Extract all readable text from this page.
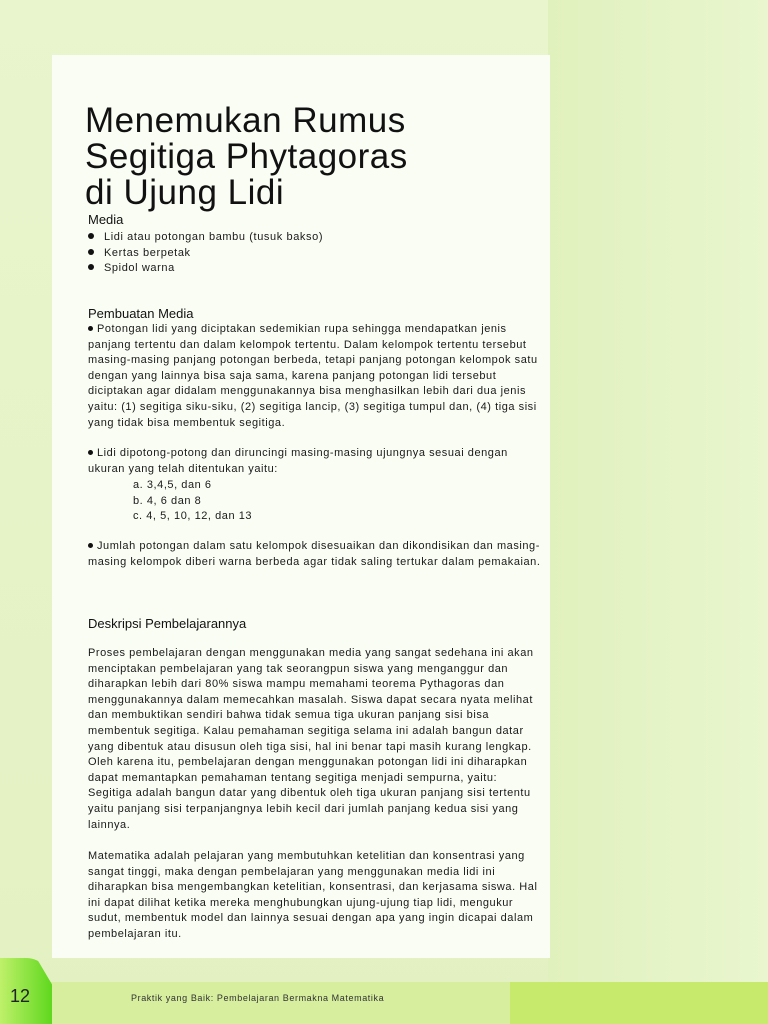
Menemukan Rumus
Segitiga Phytagoras
di Ujung Lidi
Media
Lidi atau potongan bambu (tusuk bakso)
Kertas berpetak
Spidol warna
Pembuatan Media

Potongan lidi yang diciptakan sedemikian rupa sehingga mendapatkan jenis panjang tertentu dan dalam kelompok tertentu. Dalam kelompok tertentu tersebut masing-masing panjang potongan berbeda, tetapi panjang potongan kelompok satu dengan yang lainnya bisa saja sama, karena panjang potongan lidi tersebut diciptakan agar didalam menggunakannya bisa menghasilkan lebih dari dua jenis yaitu: (1) segitiga siku-siku, (2) segitiga lancip, (3) segitiga tumpul dan, (4) tiga sisi yang tidak bisa membentuk segitiga.

Lidi dipotong-potong dan diruncingi masing-masing ujungnya sesuai dengan ukuran yang telah ditentukan yaitu:

a. 3,4,5, dan 6
b. 4, 6 dan 8
c. 4, 5, 10, 12, dan 13

Jumlah potongan dalam satu kelompok disesuaikan dan dikondisikan dan masing-masing kelompok diberi warna berbeda agar tidak saling tertukar dalam pemakaian.

Deskripsi Pembelajarannya

Proses pembelajaran dengan menggunakan media yang sangat sedehana ini akan menciptakan pembelajaran yang tak seorangpun siswa yang menganggur dan diharapkan lebih dari 80% siswa mampu memahami teorema Pythagoras dan menggunakannya dalam memecahkan masalah. Siswa dapat secara nyata melihat dan membuktikan sendiri bahwa tidak semua tiga ukuran panjang sisi bisa membentuk segitiga. Kalau pemahaman segitiga selama ini adalah bangun datar yang dibentuk atau disusun oleh tiga sisi, hal ini benar tapi masih kurang lengkap. Oleh karena itu, pembelajaran dengan menggunakan potongan lidi ini diharapkan dapat memantapkan pemahaman tentang segitiga menjadi sempurna, yaitu: Segitiga adalah bangun datar yang dibentuk oleh tiga ukuran panjang sisi tertentu yaitu panjang sisi terpanjangnya lebih kecil dari jumlah panjang kedua sisi yang lainnya.

Matematika adalah pelajaran yang membutuhkan ketelitian dan konsentrasi yang sangat tinggi, maka dengan pembelajaran yang menggunakan media lidi ini diharapkan bisa mengembangkan ketelitian, konsentrasi, dan kerjasama siswa. Hal ini dapat dilihat ketika mereka menghubungkan ujung-ujung tiap lidi, mengukur sudut, membentuk model dan lainnya sesuai dengan apa yang ingin dicapai dalam pembelajaran itu.

12	Praktik yang Baik: Pembelajaran Bermakna Matematika
